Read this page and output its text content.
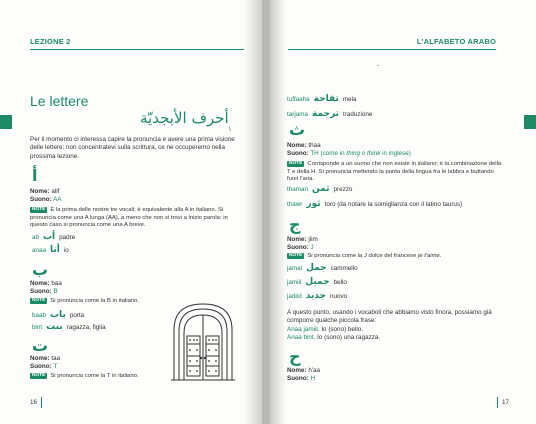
LEZIONE 2
Le lettere
أحرف الأبجديّة
\
Per il momento ci interessa capire la pronuncia e avere una prima visione delle lettere: non concentratevi sulla scrittura, ce ne occuperemo nella prossima lezione.
أ
Nome: alif
Suono: AA
NOTE È la prima delle nostre tre vocali; è equivalente alla A in italiano. Si pronuncia come una A lunga (AA), a meno che non si trovi a inizio parola: in questo caso si pronuncia come una A breve.
ab أب padre
anaa أنا io
ب
Nome: baa
Suono: B
NOTE Si pronuncia come la B in italiano.
baab باب porta
bint بنت ragazza, figlia
ت
Nome: taa
Suono: T
NOTE Si pronuncia come la T in italiano.
16
L'ALFABETO ARABO
-
tuffaaha تفاحة mela
tarjama ترجمة traduzione
ث
Nome: thaa
Suono: TH (come in thing o think in inglese)
NOTE Corrisponde a un suono che non esiste in italiano; è la combinazione della T e della H. Si pronuncia mettendo la punta della lingua fra le labbra e buttando fuori l'aria.
thaman ثمن prezzo
thawr ثور toro (da notare la somiglianza con il latino taurus)
ج
Nome: jiim
Suono: J
NOTE Si pronuncia come la J dolce del francese je t'aime.
jamal جمل cammello
jamiil جميل bello
jadiid جديد nuovo
A questo punto, usando i vocaboli che abbiamo visto finora, possiamo già comporre qualche piccola frase:
Anaa jamiil. Io (sono) bello.
Anaa bint. Io (sono) una ragazza.
ح
Nome: h'aa
Suono: H
17
